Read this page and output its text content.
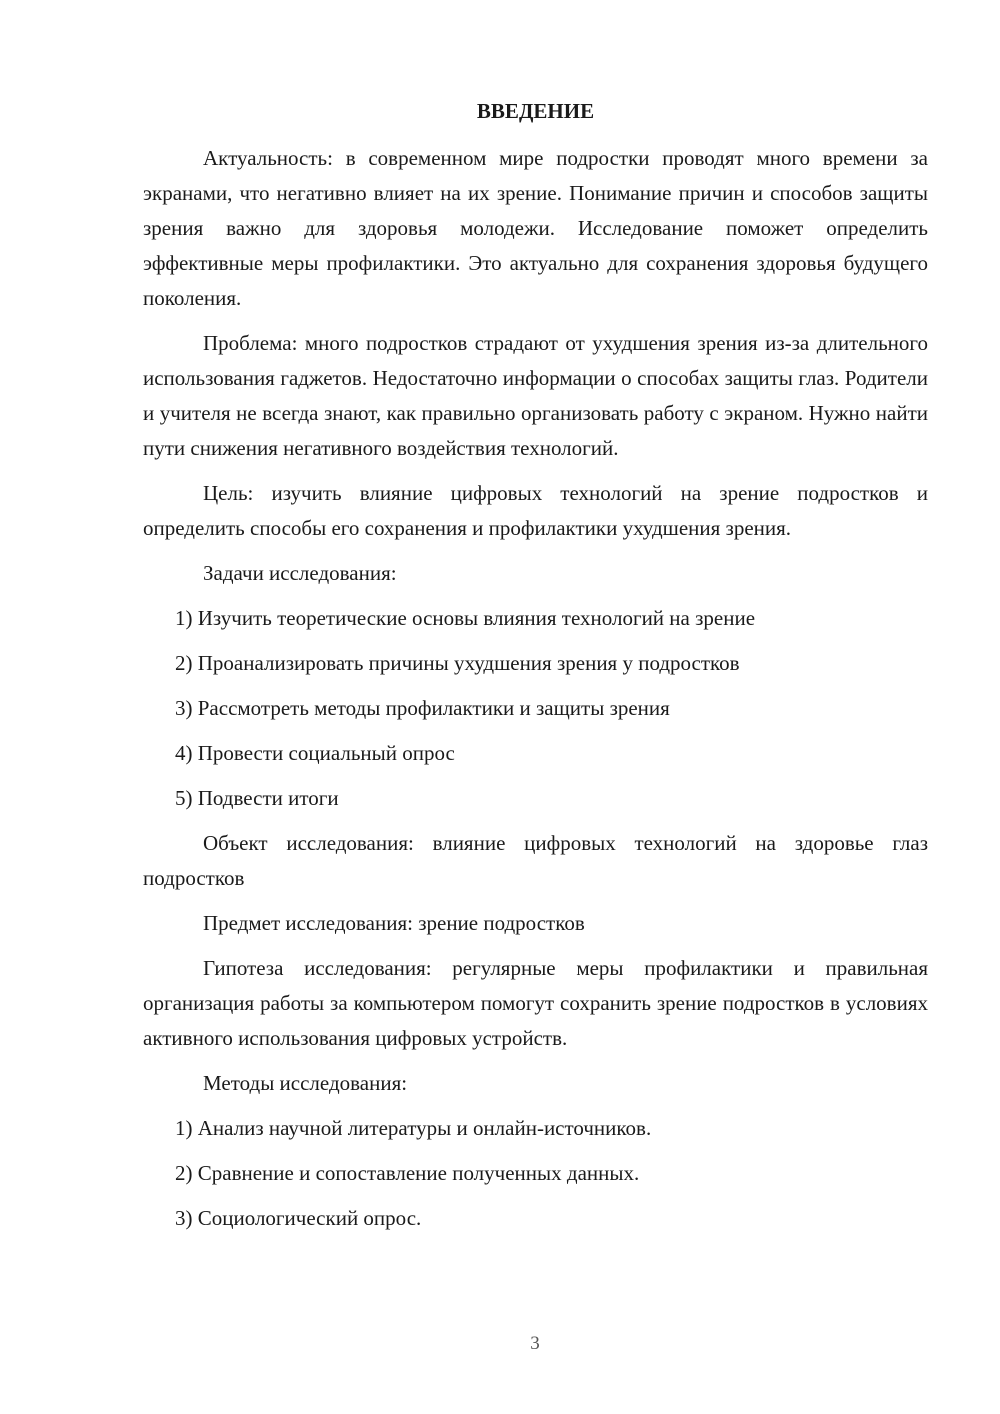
ВВЕДЕНИЕ

Актуальность: в современном мире подростки проводят много времени за экранами, что негативно влияет на их зрение. Понимание причин и способов защиты зрения важно для здоровья молодежи. Исследование поможет определить эффективные меры профилактики. Это актуально для сохранения здоровья будущего поколения.

Проблема: много подростков страдают от ухудшения зрения из-за длительного использования гаджетов. Недостаточно информации о способах защиты глаз. Родители и учителя не всегда знают, как правильно организовать работу с экраном. Нужно найти пути снижения негативного воздействия технологий.

Цель: изучить влияние цифровых технологий на зрение подростков и определить способы его сохранения и профилактики ухудшения зрения.

Задачи исследования:

1) Изучить теоретические основы влияния технологий на зрение

2) Проанализировать причины ухудшения зрения у подростков

3) Рассмотреть методы профилактики и защиты зрения

4) Провести социальный опрос

5) Подвести итоги

Объект исследования: влияние цифровых технологий на здоровье глаз подростков

Предмет исследования: зрение подростков

Гипотеза исследования: регулярные меры профилактики и правильная организация работы за компьютером помогут сохранить зрение подростков в условиях активного использования цифровых устройств.

Методы исследования:

1) Анализ научной литературы и онлайн-источников.

2) Сравнение и сопоставление полученных данных.

3) Социологический опрос.

3
